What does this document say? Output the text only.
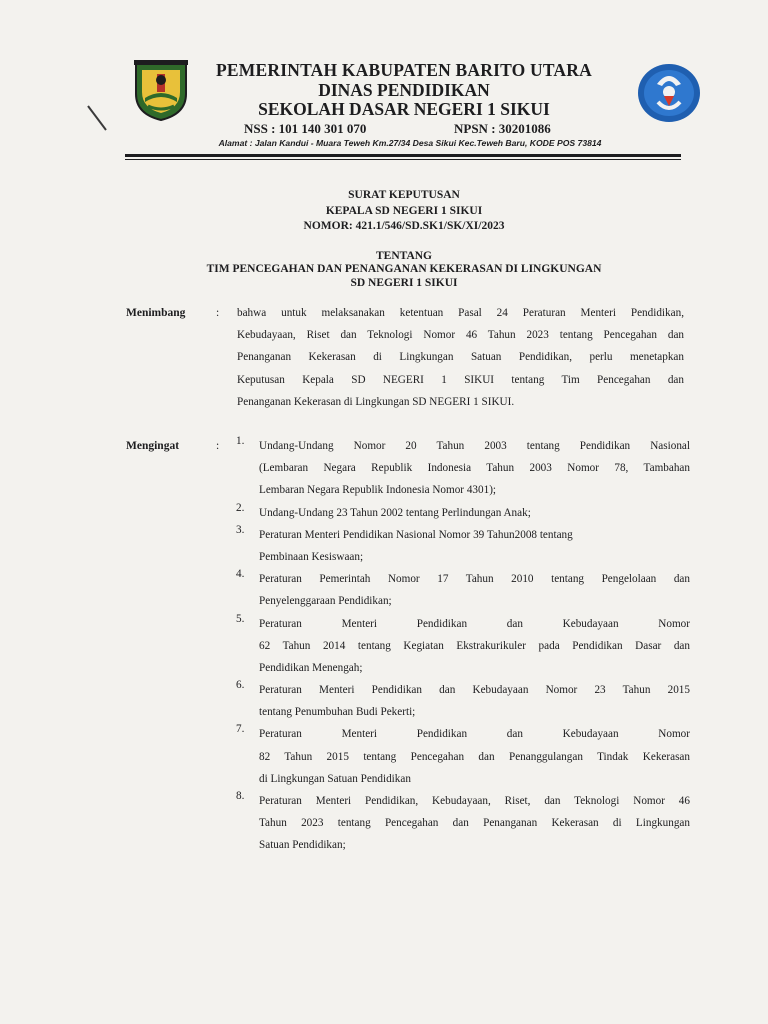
PEMERINTAH KABUPATEN BARITO UTARA
DINAS PENDIDIKAN
SEKOLAH DASAR NEGERI 1 SIKUI
NSS : 101 140 301 070	NPSN : 30201086
Alamat : Jalan Kandui - Muara Teweh Km.27/34 Desa Sikui Kec.Teweh Baru, KODE POS 73814
SURAT KEPUTUSAN
KEPALA SD NEGERI 1 SIKUI
NOMOR: 421.1/546/SD.SK1/SK/XI/2023
TENTANG
TIM PENCEGAHAN DAN PENANGANAN KEKERASAN DI LINGKUNGAN
SD NEGERI 1 SIKUI
Menimbang	: bahwa untuk melaksanakan ketentuan Pasal 24 Peraturan Menteri Pendidikan,
Kebudayaan, Riset dan Teknologi Nomor 46 Tahun 2023 tentang Pencegahan dan
Penanganan Kekerasan di Lingkungan Satuan Pendidikan, perlu menetapkan
Keputusan Kepala SD NEGERI 1 SIKUI tentang Tim Pencegahan dan
Penanganan Kekerasan di Lingkungan SD NEGERI 1 SIKUI.
Mengingat	: 1. Undang-Undang Nomor 20 Tahun 2003 tentang Pendidikan Nasional
(Lembaran Negara Republik Indonesia Tahun 2003 Nomor 78, Tambahan
Lembaran Negara Republik Indonesia Nomor 4301);
2. Undang-Undang 23 Tahun 2002 tentang Perlindungan Anak;
3. Peraturan Menteri Pendidikan Nasional Nomor 39 Tahun2008 tentang
Pembinaan Kesiswaan;
4. Peraturan Pemerintah Nomor 17 Tahun 2010 tentang Pengelolaan dan
Penyelenggaraan Pendidikan;
5. Peraturan Menteri Pendidikan dan Kebudayaan Nomor
62 Tahun 2014 tentang Kegiatan Ekstrakurikuler pada Pendidikan Dasar dan
Pendidikan Menengah;
6. Peraturan Menteri Pendidikan dan Kebudayaan Nomor 23 Tahun 2015
tentang Penumbuhan Budi Pekerti;
7. Peraturan Menteri Pendidikan dan Kebudayaan Nomor
82 Tahun 2015 tentang Pencegahan dan Penanggulangan Tindak Kekerasan
di Lingkungan Satuan Pendidikan
8. Peraturan Menteri Pendidikan, Kebudayaan, Riset, dan Teknologi Nomor 46
Tahun 2023 tentang Pencegahan dan Penanganan Kekerasan di Lingkungan
Satuan Pendidikan;
